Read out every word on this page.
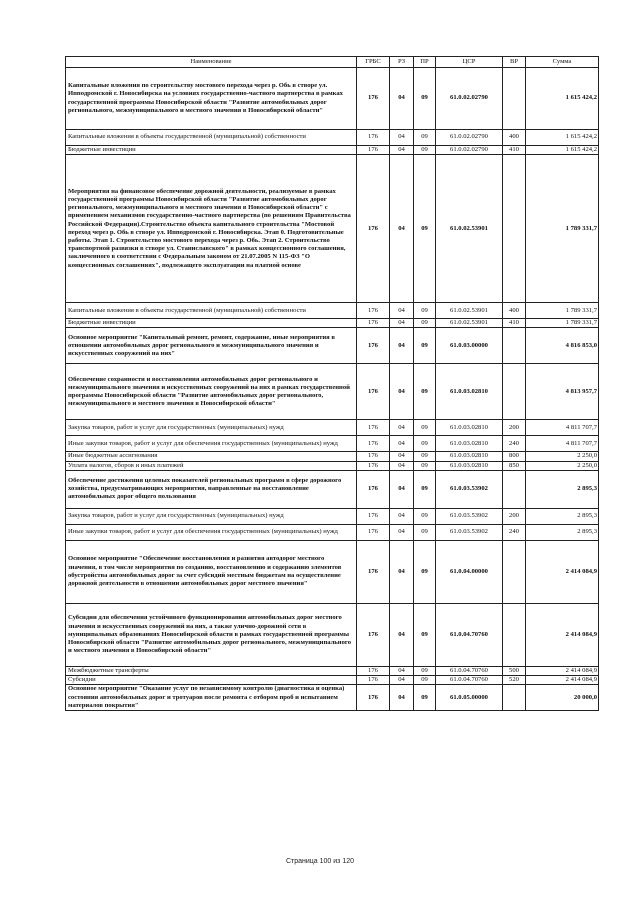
Наименование	ГРБС	РЗ	ПР	ЦСР	ВР	Сумма
Капитальные вложения по строительству мостового перехода через р. Обь в створе ул. Ипподромской г. Новосибирска на условиях государственно-частного партнерства в рамках государственной программы Новосибирской области "Развитие автомобильных дорог регионального, межмуниципального и местного значения в Новосибирской области"	176	04	09	61.0.02.02790		1 615 424,2
Капитальные вложения в объекты государственной (муниципальной) собственности	176	04	09	61.0.02.02790	400	1 615 424,2
Бюджетные инвестиции	176	04	09	61.0.02.02790	410	1 615 424,2
Мероприятия на финансовое обеспечение дорожной деятельности, реализуемые в рамках государственной программы Новосибирской области "Развитие автомобильных дорог регионального, межмуниципального и местного значения в Новосибирской области" с применением механизмов государственно-частного партнерства (по решениям Правительства Российской Федерации).Строительство объекта капитального строительства "Мостовой переход через р. Обь в створе ул. Ипподромской г. Новосибирска. Этап 0. Подготовительные работы. Этап 1. Строительство мостового перехода через р. Обь. Этап 2. Строительство транспортной развязки в створе ул. Станиславского" в рамках концессионного соглашения, заключенного в соответствии с Федеральным законом от 21.07.2005 N 115-ФЗ "О концессионных соглашениях", подлежащего эксплуатации на платной основе	176	04	09	61.0.02.53901		1 789 331,7
Капитальные вложения в объекты государственной (муниципальной) собственности	176	04	09	61.0.02.53901	400	1 789 331,7
Бюджетные инвестиции	176	04	09	61.0.02.53901	410	1 789 331,7
Основное мероприятие "Капитальный ремонт, ремонт, содержание, иные мероприятия в отношении автомобильных дорог регионального и межмуниципального значения и искусственных сооружений на них"	176	04	09	61.0.03.00000		4 816 853,0
Обеспечение сохранности и восстановления автомобильных дорог регионального и межмуниципального значения и искусственных сооружений на них в рамках государственной программы Новосибирской области "Развитие автомобильных дорог регионального, межмуниципального и местного значения в Новосибирской области"	176	04	09	61.0.03.02810		4 813 957,7
Закупка товаров, работ и услуг для государственных (муниципальных) нужд	176	04	09	61.0.03.02810	200	4 811 707,7
Иные закупки товаров, работ и услуг для обеспечения государственных (муниципальных) нужд	176	04	09	61.0.03.02810	240	4 811 707,7
Иные бюджетные ассигнования	176	04	09	61.0.03.02810	800	2 250,0
Уплата налогов, сборов и иных платежей	176	04	09	61.0.03.02810	850	2 250,0
Обеспечение достижения целевых показателей региональных программ в сфере дорожного хозяйства, предусматривающих мероприятия, направленные на восстановление автомобильных дорог общего пользования	176	04	09	61.0.03.53902		2 895,3
Закупка товаров, работ и услуг для государственных (муниципальных) нужд	176	04	09	61.0.03.53902	200	2 895,3
Иные закупки товаров, работ и услуг для обеспечения государственных (муниципальных) нужд	176	04	09	61.0.03.53902	240	2 895,3
Основное мероприятие "Обеспечение восстановления и развития автодорог местного значения, в том числе мероприятия по созданию, восстановлению и содержанию элементов обустройства автомобильных дорог за счет субсидий местным бюджетам на осуществление дорожной деятельности в отношении автомобильных дорог местного значения"	176	04	09	61.0.04.00000		2 414 084,9
Субсидии для обеспечения устойчивого функционирования автомобильных дорог местного значения и искусственных сооружений на них, а также улично-дорожной сети в муниципальных образованиях Новосибирской области в рамках государственной программы Новосибирской области "Развитие автомобильных дорог регионального, межмуниципального и местного значения в Новосибирской области"	176	04	09	61.0.04.70760		2 414 084,9
Межбюджетные трансферты	176	04	09	61.0.04.70760	500	2 414 084,9
Субсидии	176	04	09	61.0.04.70760	520	2 414 084,9
Основное мероприятие "Оказание услуг по независимому контролю (диагностика и оценка) состояния автомобильных дорог и тротуаров после ремонта с отбором проб и испытанием материалов покрытия"	176	04	09	61.0.05.00000		20 000,0
Страница 100 из 120
